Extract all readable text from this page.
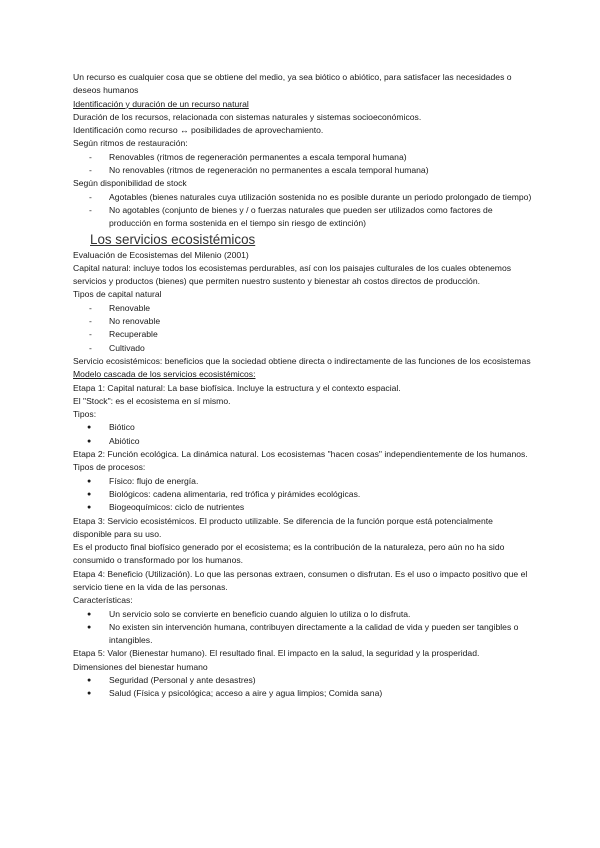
Un recurso es cualquier cosa que se obtiene del medio, ya sea biótico o abiótico, para satisfacer las necesidades o deseos humanos

Identificación y duración de un recurso natural

Duración de los recursos, relacionada con sistemas naturales y sistemas socioeconómicos.

Identificación como recurso ↔ posibilidades de aprovechamiento.

Según ritmos de restauración:

- Renovables (ritmos de regeneración permanentes a escala temporal humana)
- No renovables (ritmos de regeneración no permanentes a escala temporal humana)

Según disponibilidad de stock

- Agotables (bienes naturales cuya utilización sostenida no es posible durante un periodo prolongado de tiempo)
- No agotables (conjunto de bienes y / o fuerzas naturales que pueden ser utilizados como factores de producción en forma sostenida en el tiempo sin riesgo de extinción)

Los servicios ecosistémicos

Evaluación de Ecosistemas del Milenio (2001)

Capital natural: incluye todos los ecosistemas perdurables, así con los paisajes culturales de los cuales obtenemos servicios y productos (bienes) que permiten nuestro sustento y bienestar ah costos directos de producción.

Tipos de capital natural

- Renovable
- No renovable
- Recuperable
- Cultivado

Servicio ecosistémicos: beneficios que la sociedad obtiene directa o indirectamente de las funciones de los ecosistemas

Modelo cascada de los servicios ecosistémicos:

Etapa 1: Capital natural: La base biofísica. Incluye la estructura y el contexto espacial.

El "Stock": es el ecosistema en sí mismo.

Tipos:

● Biótico
● Abiótico

Etapa 2: Función ecológica. La dinámica natural. Los ecosistemas "hacen cosas" independientemente de los humanos.

Tipos de procesos:

● Físico: flujo de energía.
● Biológicos: cadena alimentaria, red trófica y pirámides ecológicas.
● Biogeoquímicos: ciclo de nutrientes

Etapa 3: Servicio ecosistémicos. El producto utilizable. Se diferencia de la función porque está potencialmente disponible para su uso.

Es el producto final biofísico generado por el ecosistema; es la contribución de la naturaleza, pero aún no ha sido consumido o transformado por los humanos.

Etapa 4: Beneficio (Utilización). Lo que las personas extraen, consumen o disfrutan. Es el uso o impacto positivo que el servicio tiene en la vida de las personas.

Características:

● Un servicio solo se convierte en beneficio cuando alguien lo utiliza o lo disfruta.
● No existen sin intervención humana, contribuyen directamente a la calidad de vida y pueden ser tangibles o intangibles.

Etapa 5: Valor (Bienestar humano). El resultado final. El impacto en la salud, la seguridad y la prosperidad.

Dimensiones del bienestar humano

● Seguridad (Personal y ante desastres)
● Salud (Física y psicológica; acceso a aire y agua limpios; Comida sana)
